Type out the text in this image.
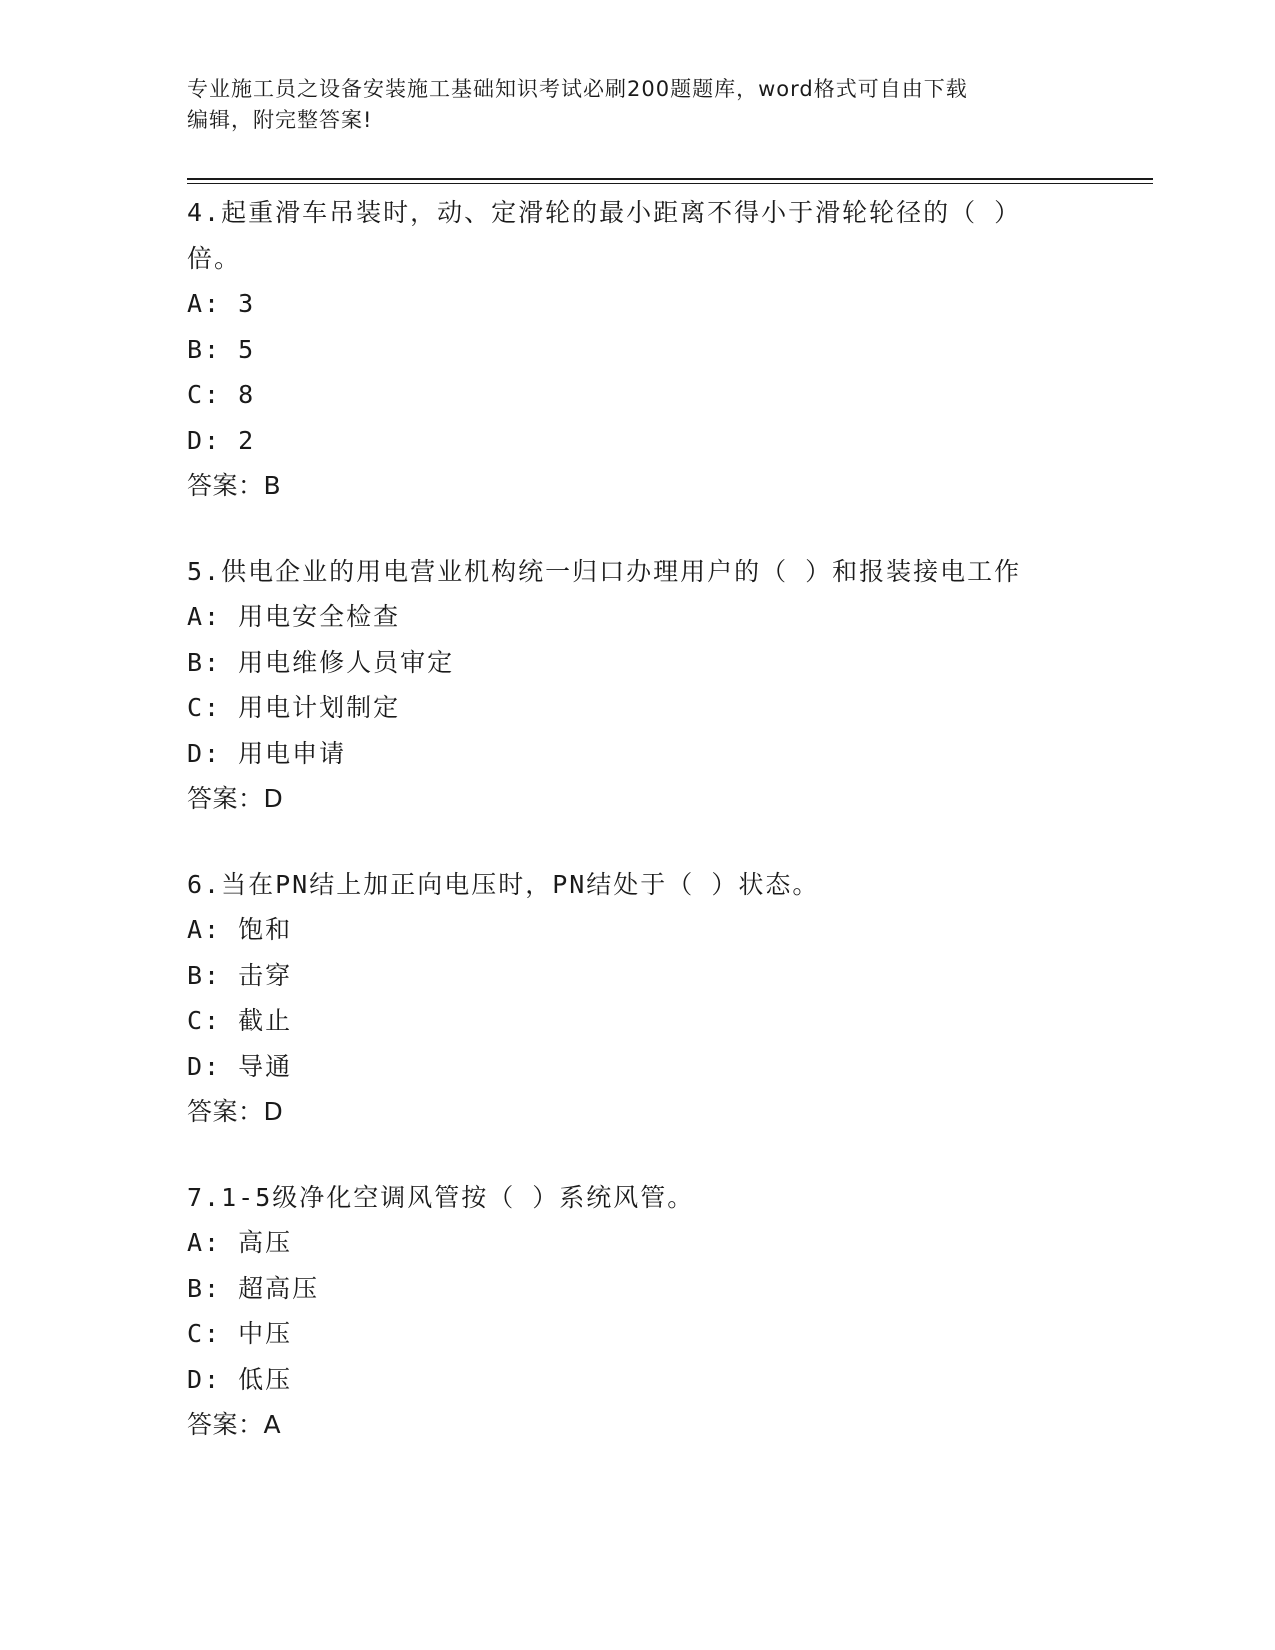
专业施工员之设备安装施工基础知识考试必刷200题题库，word格式可自由下载
编辑，附完整答案!
4.起重滑车吊装时，动、定滑轮的最小距离不得小于滑轮轮径的（ ）
倍。
A: 3
B: 5
C: 8
D: 2
答案：B
5.供电企业的用电营业机构统一归口办理用户的（ ）和报装接电工作
A: 用电安全检查
B: 用电维修人员审定
C: 用电计划制定
D: 用电申请
答案：D
6.当在PN结上加正向电压时，PN结处于（ ）状态。
A: 饱和
B: 击穿
C: 截止
D: 导通
答案：D
7.1-5级净化空调风管按（ ）系统风管。
A: 高压
B: 超高压
C: 中压
D: 低压
答案：A
